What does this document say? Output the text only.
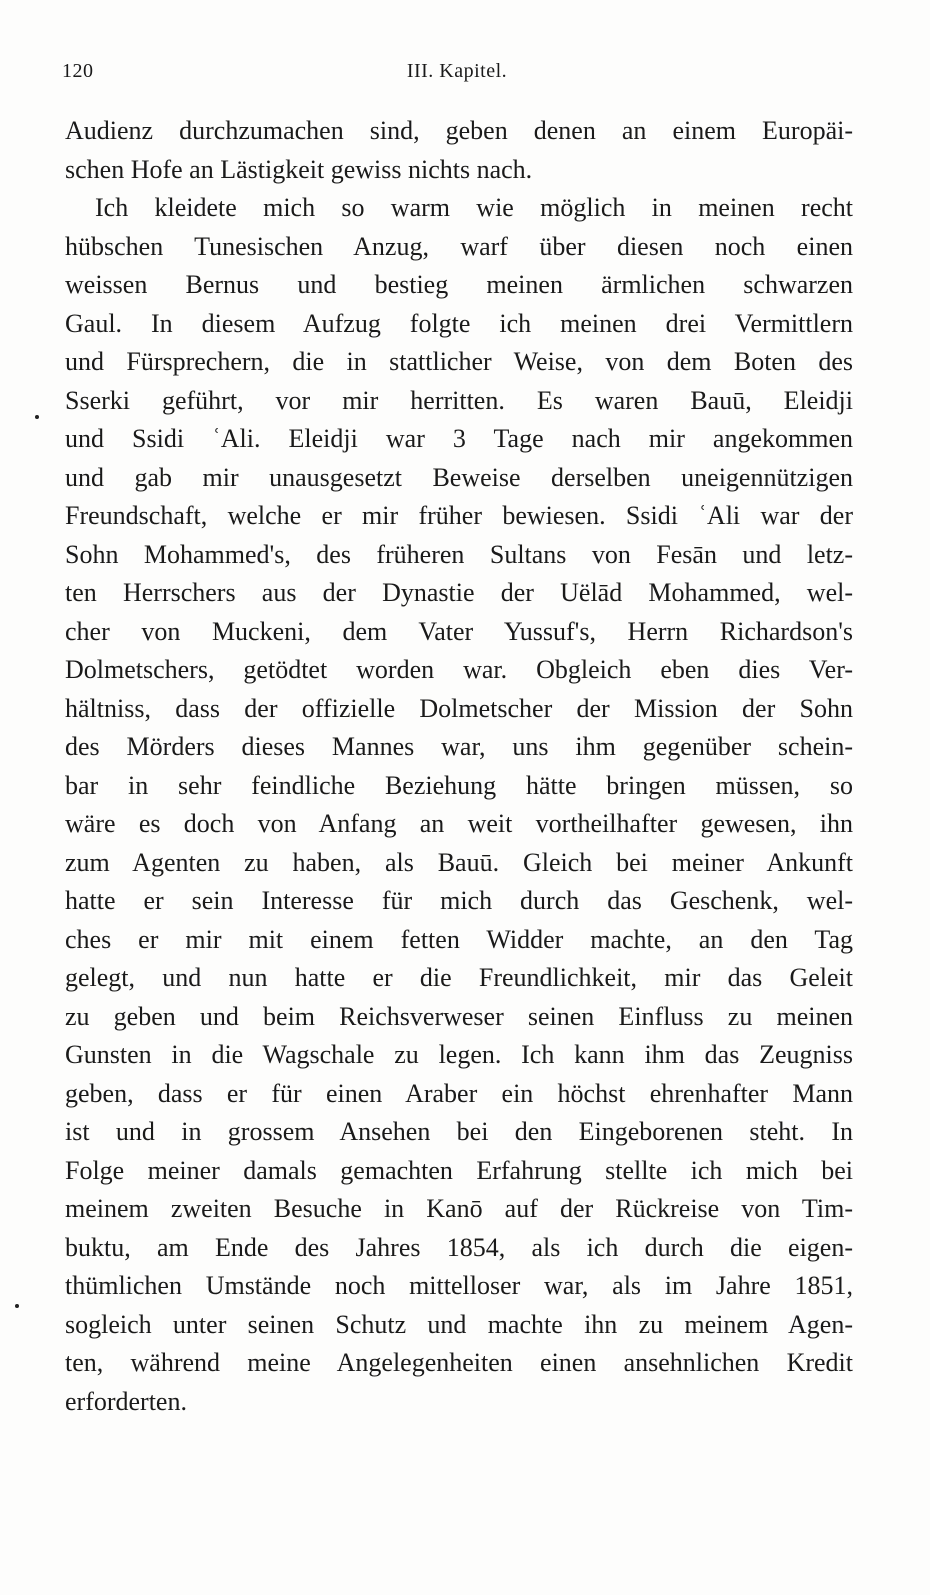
120	III. Kapitel.
Audienz durchzumachen sind, geben denen an einem Europäi-
schen Hofe an Lästigkeit gewiss nichts nach.
Ich kleidete mich so warm wie möglich in meinen recht
hübschen Tunesischen Anzug, warf über diesen noch einen
weissen Bernus und bestieg meinen ärmlichen schwarzen
Gaul. In diesem Aufzug folgte ich meinen drei Vermittlern
und Fürsprechern, die in stattlicher Weise, von dem Boten des
Sserki geführt, vor mir herritten. Es waren Bauū, Eleidji
und Ssidi ʿAli. Eleidji war 3 Tage nach mir angekommen
und gab mir unausgesetzt Beweise derselben uneigennützigen
Freundschaft, welche er mir früher bewiesen. Ssidi ʿAli war der
Sohn Mohammed's, des früheren Sultans von Fesān und letz-
ten Herrschers aus der Dynastie der Uëlād Mohammed, wel-
cher von Muckeni, dem Vater Yussuf's, Herrn Richardson's
Dolmetschers, getödtet worden war. Obgleich eben dies Ver-
hältniss, dass der offizielle Dolmetscher der Mission der Sohn
des Mörders dieses Mannes war, uns ihm gegenüber schein-
bar in sehr feindliche Beziehung hätte bringen müssen, so
wäre es doch von Anfang an weit vortheilhafter gewesen, ihn
zum Agenten zu haben, als Bauū. Gleich bei meiner Ankunft
hatte er sein Interesse für mich durch das Geschenk, wel-
ches er mir mit einem fetten Widder machte, an den Tag
gelegt, und nun hatte er die Freundlichkeit, mir das Geleit
zu geben und beim Reichsverweser seinen Einfluss zu meinen
Gunsten in die Wagschale zu legen. Ich kann ihm das Zeugniss
geben, dass er für einen Araber ein höchst ehrenhafter Mann
ist und in grossem Ansehen bei den Eingeborenen steht. In
Folge meiner damals gemachten Erfahrung stellte ich mich bei
meinem zweiten Besuche in Kanō auf der Rückreise von Tim-
buktu, am Ende des Jahres 1854, als ich durch die eigen-
thümlichen Umstände noch mittelloser war, als im Jahre 1851,
sogleich unter seinen Schutz und machte ihn zu meinem Agen-
ten, während meine Angelegenheiten einen ansehnlichen Kredit
erforderten.
